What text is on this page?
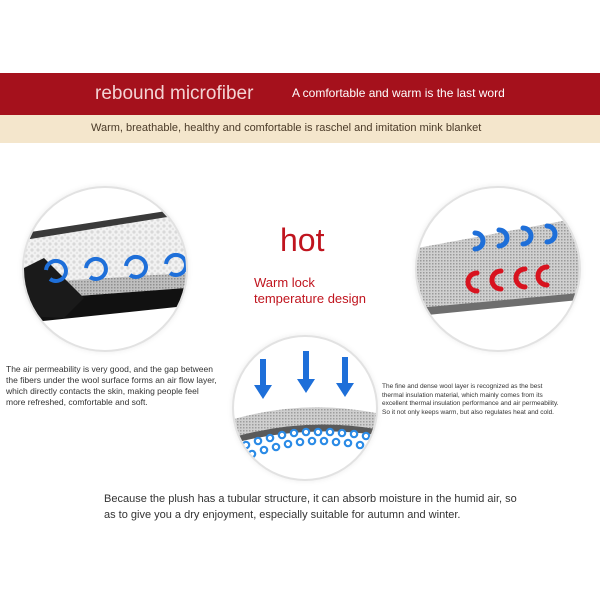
rebound microfiber	A comfortable and warm is the last word
Warm, breathable, healthy and comfortable is raschel and imitation mink blanket
hot
Warm lock
temperature design
The air permeability is very good, and the gap between the fibers under the wool surface forms an air flow layer, which directly contacts the skin, making people feel more refreshed, comfortable and soft.
The fine and dense wool layer is recognized as the best thermal insulation material, which mainly comes from its excellent thermal insulation performance and air permeability. So it not only keeps warm, but also regulates heat and cold.
Because the plush has a tubular structure, it can absorb moisture in the humid air, so as to give you a dry enjoyment, especially suitable for autumn and winter.
